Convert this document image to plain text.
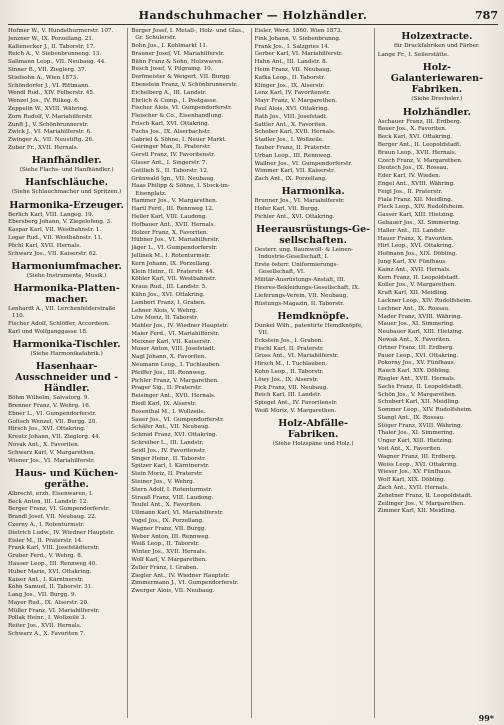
Handschuhmacher — Holzhändler.	787
Hofmer W., V. Hundsthurmerstr. 107.
Jenzner W., IX. Porzellang. 21.
Kaltenecker J., II. Taborstr. 17.
Reich A., V. Siebenbrunneng. 13.
Sallmann Leop., VII. Neubaug. 44.
Sinner B., VII. Zieglerg. 37.
Stiefsohn A., Wien 1873.
Schöndorfer J., VI. Rittmann.
Wendl Rud., XIV. Felberstr. 45.
Wenzel Jos., IV. Rilkeg. 6.
Zeppelin W., XVIII. Währing.
Zorn Rudolf, V. Mariahilferstr.
Zunft J., V. Schönbrunnerstr.
Zwick J., VI. Mariahilferstr. 6.
Zwinger A., VII. Neustiftg. 26.
Zuber Fr., XVII. Hernals.
Hanfhändler.
(Siehe Flachs- und Hanfhändler.)
Hanfschläuche.
(Siehe Schlauchmacher und Spritzen.)
Harmonika-Erzeuger.
Berlich Karl, VIII. Langeg. 19.
Ebersberg Johann, V. Ziegelofeng. 3.
Kaspar Karl, VII. Westbahnstr. 1.
Logar Rud., VII. Westbahnstr. 11.
Pöchl Karl, XVII. Hernals.
Schwarz Jos., VII. Kaiserstr. 62.
Harmoniumfmacher.
(Siehe Instrumente, Musik.)
Harmonika-Platten-macher.
Lenhardt A., VII. Lerchenfelderstraße 110.
Fischer Adolf, Schlöffer, Accordeon.
Karl und Wolfganggasse 18.
Harmonika-Tischler.
(Siehe Harmonikafabrik.)
Hasenhaar-Ausschneider und -Händler.
Böhm Wilhelm, Salvatorg. 9.
Brenner Franz, V. Wehrg. 16.
Ebner L., VI. Gumpendorferstr.
Goltsch Wenzel, VII. Burgg. 20.
Hirsch Jos., XVI. Ottakring.
Kreutz Johann, VII. Zieglerg. 44.
Novak Ant., X. Favoriten.
Schwarz Karl, V. Margarethen.
Wiener Jos., VI. Mariahilferstr.
Haus- und Küchen-geräthe.
Albrecht, erzh. Eisenwaren, I.
Beck Anton, III. Landstr. 12.
Berger Franz, VI. Gumpendorferstr.
Brandl Josef, VII. Neubaug. 22.
Czerny A., I. Rotenturmstr.
Dietrich Ludw., IV. Wiedner Hauptstr.
Eisler M., II. Praterstr. 14.
Frank Karl, VIII. Josefstädterstr.
Gruber Ferd., V. Wehrg. 8.
Hauser Leop., III. Rennweg 40.
Huber Marie, XVI. Ottakring.
Kaiser Ant., I. Kärntnerstr.
Kohn Samuel, II. Taborstr. 31.
Lang Jos., VII. Burgg. 9.
Mayer Rud., IX. Alserstr. 20.
Müller Franz, VI. Mariahilferstr.
Pollak Heinr., I. Wollzeile 3.
Reiter Jos., XVII. Hernals.
Schwarz A., X. Favoriten 7.
Berger Josef, I. Metall-, Holz- und Glas., Gr. Schulerstr.
Bohn Jos., I. Kohlmarkt 11.
Brauner Josef, VI. Mariahilferstr.
Bühn Franz & Sohn, Holzwaren.
Busch Josef, V. Pilgramg. 10.
Dorfmeister & Weigert, VII. Burgg.
Ebenstein Franz, V. Schönbrunnerstr.
Eichelberg A., III. Landstr.
Ehrlich & Comp., I. Postgasse.
Fischer Alois, VI. Gumpendorferstr.
Fleischer & Co., Eisenhandlung.
Frisch Karl, XVI. Ottakring.
Fuchs Jos., IX. Alserbachstr.
Gabriel & Söhne, I. Neuer Markt.
Geiringer Max, II. Praterstr.
Gerstl Franz, IV. Favoritenstr.
Glaser Ant., I. Singerstr. 7.
Gottlieb S., II. Taborstr. 12.
Grünwald Ign., VII. Neubaug.
Haas Philipp & Söhne, I. Stock-im-Eisenplatz.
Hammer Jos., V. Margarethen.
Hartl Ferd., III. Rennweg 12.
Heller Karl, VIII. Laudong.
Hofbauer Ant., XVII. Hernals.
Holzer Franz, X. Favoriten.
Hübner Jos., VI. Mariahilferstr.
Jäger L., VI. Gumpendorferstr.
Jellinek M., I. Rotenturmstr.
Kern Johann, IX. Porzellang.
Klein Heinr., II. Praterstr. 44.
Köhler Karl, VII. Westbahnstr.
Kraus Rud., III. Landstr. 5.
Kühn Jos., XVI. Ottakring.
Lambert Franz, I. Graben.
Lehner Alois, V. Wehrg.
Löw Moriz, II. Taborstr.
Mahler Jos., IV. Wiedner Hauptstr.
Maier Ferd., VI. Mariahilferstr.
Meixner Karl, VII. Kaiserstr.
Moser Anton, VIII. Josefstadt.
Nagl Johann, X. Favoriten.
Neumann Leop., I. Tuchlauben.
Pfeiffer Jos., III. Rennweg.
Pichler Franz, V. Margarethen.
Prager Sig., II. Praterstr.
Reisinger Ant., XVII. Hernals.
Riedl Karl, IX. Alserstr.
Rosenthal M., I. Wollzeile.
Sauer Jos., VI. Gumpendorferstr.
Schäfer Ant., VII. Neubaug.
Schmid Franz, XVI. Ottakring.
Schreiber L., III. Landstr.
Seidl Jos., IV. Favoritenstr.
Singer Heinr., II. Taborstr.
Spitzer Karl, I. Kärntnerstr.
Stein Moriz, II. Praterstr.
Steiner Jos., V. Wehrg.
Stern Adolf, I. Rotenturmstr.
Strauß Franz, VIII. Laudong.
Teufel Ant., X. Favoriten.
Ullmann Karl, VI. Mariahilferstr.
Vogel Jos., IX. Porzellang.
Wagner Franz, VII. Burgg.
Weber Anton, III. Rennweg.
Weiß Leop., II. Taborstr.
Winter Jos., XVII. Hernals.
Wolf Karl, V. Margarethen.
Zeller Franz, I. Graben.
Ziegler Ant., IV. Wiedner Hauptstr.
Zimmermann J., VI. Gumpendorferstr.
Zwerger Alois, VII. Neubaug.
Eisler, Werd. 1860. Wien 1873.
Fink Johann, V. Siebenbrunng.
Frank Jos., I. Salzgries 14.
Gerber Karl, VI. Mariahilferstr.
Hahn Ant., III. Landstr. 8.
Heim Franz, VII. Neubaug.
Kafka Leop., II. Taborstr.
Klinger Jos., IX. Alserstr.
Lenz Karl, IV. Favoritenstr.
Mayr Franz, V. Margarethen.
Paul Alois, XVI. Ottakring.
Rath Jos., VIII. Josefstadt.
Sattler Ant., X. Favoriten.
Schober Karl, XVII. Hernals.
Stadler Jos., I. Wollzeile.
Tauber Franz, II. Praterstr.
Urban Leop., III. Rennweg.
Wallner Jos., VI. Gumpendorferstr.
Wimmer Karl, VII. Kaiserstr.
Zach Ant., IX. Porzellang.
Harmonika.
Brunner Jos., VI. Mariahilferstr.
Hofer Karl, VII. Burgg.
Pichler Ant., XVI. Ottakring.
Heerausrüstungs-Ge-sellschaften.
Oesterr. ung. Baumwoll- & Leinen-Industrie-Gesellschaft, I.
Erste österr. Uniformierungs-Gesellschaft, VI.
Militär-Ausrüstungs-Anstalt, III.
Heeres-Bekleidungs-Gesellschaft, IX.
Lieferungs-Verein, VII. Neubaug.
Rüstungs-Magazin, II. Taborstr.
Hemdknöpfe.
Dunkel Wilh., patentirte Hemdknöpfe, VII.
Eckstein Jos., I. Graben.
Fischl Karl, II. Praterstr.
Gross Ant., VI. Mariahilferstr.
Hirsch M., I. Tuchlauben.
Kohn Leop., II. Taborstr.
Löwy Jos., IX. Alserstr.
Pick Franz, VII. Neubaug.
Reich Karl, III. Landstr.
Spiegel Ant., IV. Favoritenstr.
Weiß Moriz, V. Margarethen.
Holz-Abfälle-Fabriken.
(Siehe Holzspäne und Holz.)
Holzextracte.
für Druckfabriken und Färber.
Lange Fr., I. Seilerstätte.
Holz-Galanteriewaren-Fabriken.
(Siehe Drechsler.)
Holzhändler.
Aschauer Franz, III. Erdberg.
Bauer Jos., X. Favoriten.
Beck Karl, XVI. Ottakring.
Berger Ant., II. Leopoldstadt.
Braun Leop., XVII. Hernals.
Czech Franz, V. Margarethen.
Deutsch Jos., IX. Rossau.
Eder Karl, IV. Wieden.
Engel Ant., XVIII. Währing.
Feigl Jos., II. Praterstr.
Fiala Franz, XII. Meidling.
Fleck Leop., XIV. Rudolfsheim.
Gasser Karl, XIII. Hietzing.
Gebauer Jos., XI. Simmering.
Haller Ant., III. Landstr.
Hauer Franz, X. Favoriten.
Hirt Leop., XVI. Ottakring.
Hofmann Jos., XIX. Döbling.
Jung Karl, XV. Fünfhaus.
Kainz Ant., XVII. Hernals.
Kern Franz, II. Leopoldstadt.
Koller Jos., V. Margarethen.
Kraft Karl, XII. Meidling.
Lackner Leop., XIV. Rudolfsheim.
Lechner Ant., IX. Rossau.
Mader Franz, XVIII. Währing.
Mauer Jos., XI. Simmering.
Neubauer Karl, XIII. Hietzing.
Nowak Ant., X. Favoriten.
Ortner Franz, III. Erdberg.
Pauer Leop., XVI. Ottakring.
Pokorny Jos., XV. Fünfhaus.
Rauch Karl, XIX. Döbling.
Riegler Ant., XVII. Hernals.
Sachs Franz, II. Leopoldstadt.
Schön Jos., V. Margarethen.
Schubert Karl, XII. Meidling.
Sommer Leop., XIV. Rudolfsheim.
Stangl Ant., IX. Rossau.
Stöger Franz, XVIII. Währing.
Thaler Jos., XI. Simmering.
Unger Karl, XIII. Hietzing.
Voit Ant., X. Favoriten.
Wagner Franz, III. Erdberg.
Weiss Leop., XVI. Ottakring.
Wieser Jos., XV. Fünfhaus.
Wolf Karl, XIX. Döbling.
Zach Ant., XVII. Hernals.
Zehetner Franz, II. Leopoldstadt.
Zeilinger Jos., V. Margarethen.
Zimmer Karl, XII. Meidling.
99*
